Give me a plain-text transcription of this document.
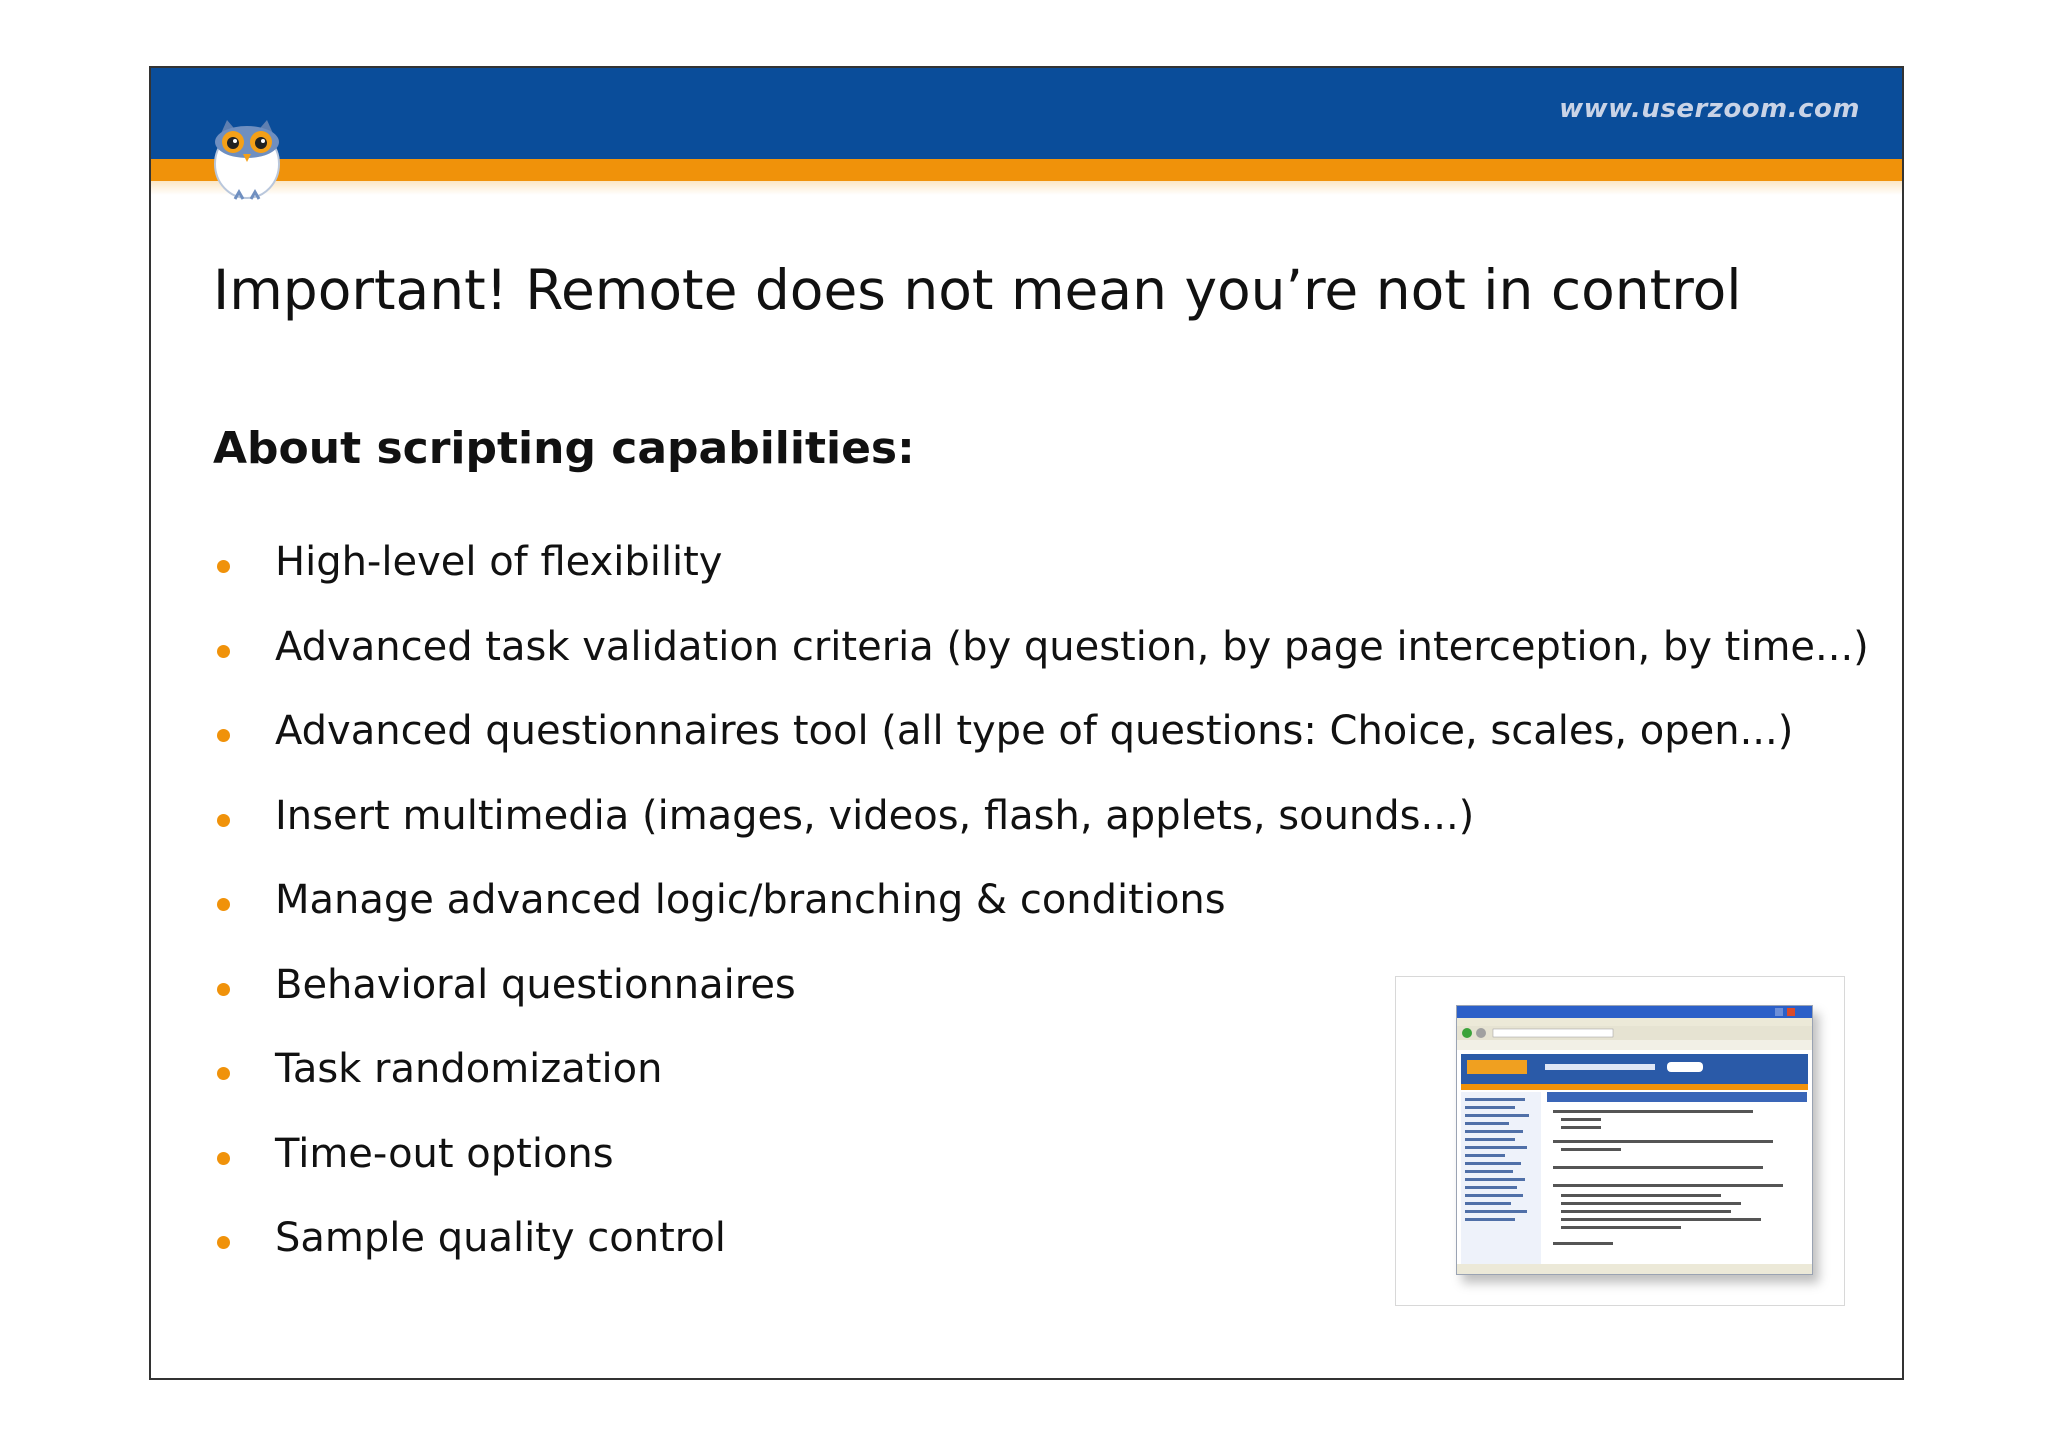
www.userzoom.com
Important! Remote does not mean you’re not in control
About scripting capabilities:
High-level of flexibility
Advanced task validation criteria (by question, by page interception, by time...)
Advanced questionnaires tool (all type of questions: Choice, scales, open...)
Insert multimedia (images, videos, flash, applets, sounds...)
Manage advanced logic/branching & conditions
Behavioral questionnaires
Task randomization
Time-out options
Sample quality control
